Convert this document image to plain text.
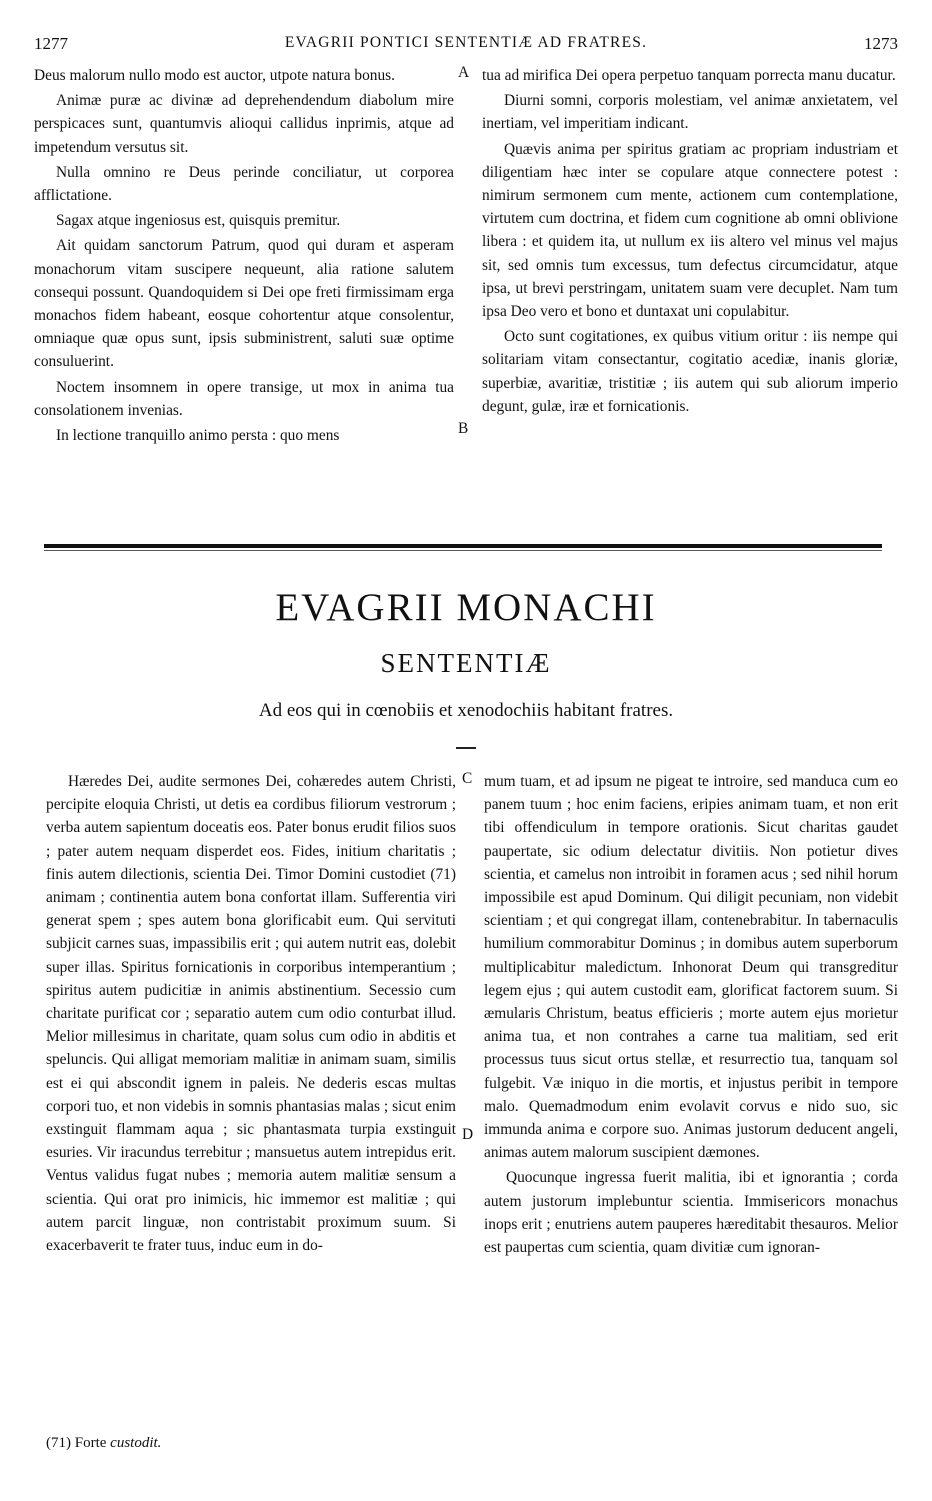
1277	EVAGRII PONTICI SENTENTIÆ AD FRATRES.	1273

Deus malorum nullo modo est auctor, utpote natura bonus.

Animæ puræ ac divinæ ad deprehendendum diabolum mire perspicaces sunt, quantumvis alioqui callidus inprimis, atque ad impetendum versutus sit.

Nulla omnino re Deus perinde conciliatur, ut corporea afflictatione.

Sagax atque ingeniosus est, quisquis premitur.

Ait quidam sanctorum Patrum, quod qui duram et asperam monachorum vitam suscipere nequeunt, alia ratione salutem consequi possunt. Quandoquidem si Dei ope freti firmissimam erga monachos fidem habeant, eosque cohortentur atque consolentur, omniaque quæ opus sunt, ipsis subministrent, saluti suæ optime consuluerint.

Noctem insomnem in opere transige, ut mox in anima tua consolationem invenias.

In lectione tranquillo animo persta : quo mens

A
B

tua ad mirifica Dei opera perpetuo tanquam porrecta manu ducatur.

Diurni somni, corporis molestiam, vel animæ anxietatem, vel inertiam, vel imperitiam indicant.

Quævis anima per spiritus gratiam ac propriam industriam et diligentiam hæc inter se copulare atque connectere potest : nimirum sermonem cum mente, actionem cum contemplatione, virtutem cum doctrina, et fidem cum cognitione ab omni oblivione libera : et quidem ita, ut nullum ex iis altero vel minus vel majus sit, sed omnis tum excessus, tum defectus circumcidatur, atque ipsa, ut brevi perstringam, unitatem suam vere decuplet. Nam tum ipsa Deo vero et bono et duntaxat uni copulabitur.

Octo sunt cogitationes, ex quibus vitium oritur : iis nempe qui solitariam vitam consectantur, cogitatio acediæ, inanis gloriæ, superbiæ, avaritiæ, tristitiæ ; iis autem qui sub aliorum imperio degunt, gulæ, iræ et fornicationis.

EVAGRII MONACHI
SENTENTIÆ
Ad eos qui in cœnobiis et xenodochiis habitant fratres.

Hæredes Dei, audite sermones Dei, cohæredes autem Christi, percipite eloquia Christi, ut detis ea cordibus filiorum vestrorum ; verba autem sapientum doceatis eos. Pater bonus erudit filios suos ; pater autem nequam disperdet eos. Fides, initium charitatis ; finis autem dilectionis, scientia Dei. Timor Domini custodiet (71) animam ; continentia autem bona confortat illam. Sufferentia viri generat spem ; spes autem bona glorificabit eum. Qui servituti subjicit carnes suas, impassibilis erit ; qui autem nutrit eas, dolebit super illas. Spiritus fornicationis in corporibus intemperantium ; spiritus autem pudicitiæ in animis abstinentium. Secessio cum charitate purificat cor ; separatio autem cum odio conturbat illud. Melior millesimus in charitate, quam solus cum odio in abditis et speluncis. Qui alligat memoriam malitiæ in animam suam, similis est ei qui abscondit ignem in paleis. Ne dederis escas multas corpori tuo, et non videbis in somnis phantasias malas ; sicut enim exstinguit flammam aqua ; sic phantasmata turpia exstinguit esuries. Vir iracundus terrebitur ; mansuetus autem intrepidus erit. Ventus validus fugat nubes ; memoria autem malitiæ sensum a scientia. Qui orat pro inimicis, hic immemor est malitiæ ; qui autem parcit linguæ, non contristabit proximum suum. Si exacerbaverit te frater tuus, induc eum in do-

C
D

mum tuam, et ad ipsum ne pigeat te introire, sed manduca cum eo panem tuum ; hoc enim faciens, eripies animam tuam, et non erit tibi offendiculum in tempore orationis. Sicut charitas gaudet paupertate, sic odium delectatur divitiis. Non potietur dives scientia, et camelus non introibit in foramen acus ; sed nihil horum impossibile est apud Dominum. Qui diligit pecuniam, non videbit scientiam ; et qui congregat illam, contenebrabitur. In tabernaculis humilium commorabitur Dominus ; in domibus autem superborum multiplicabitur maledictum. Inhonorat Deum qui transgreditur legem ejus ; qui autem custodit eam, glorificat factorem suum. Si æmularis Christum, beatus efficieris ; morte autem ejus morietur anima tua, et non contrahes a carne tua malitiam, sed erit processus tuus sicut ortus stellæ, et resurrectio tua, tanquam sol fulgebit. Væ iniquo in die mortis, et injustus peribit in tempore malo. Quemadmodum enim evolavit corvus e nido suo, sic immunda anima e corpore suo. Animas justorum deducent angeli, animas autem malorum suscipient dæmones.

Quocunque ingressa fuerit malitia, ibi et ignorantia ; corda autem justorum implebuntur scientia. Immisericors monachus inops erit ; enutriens autem pauperes hæreditabit thesauros. Melior est paupertas cum scientia, quam divitiæ cum ignoran-

(71) Forte custodit.
